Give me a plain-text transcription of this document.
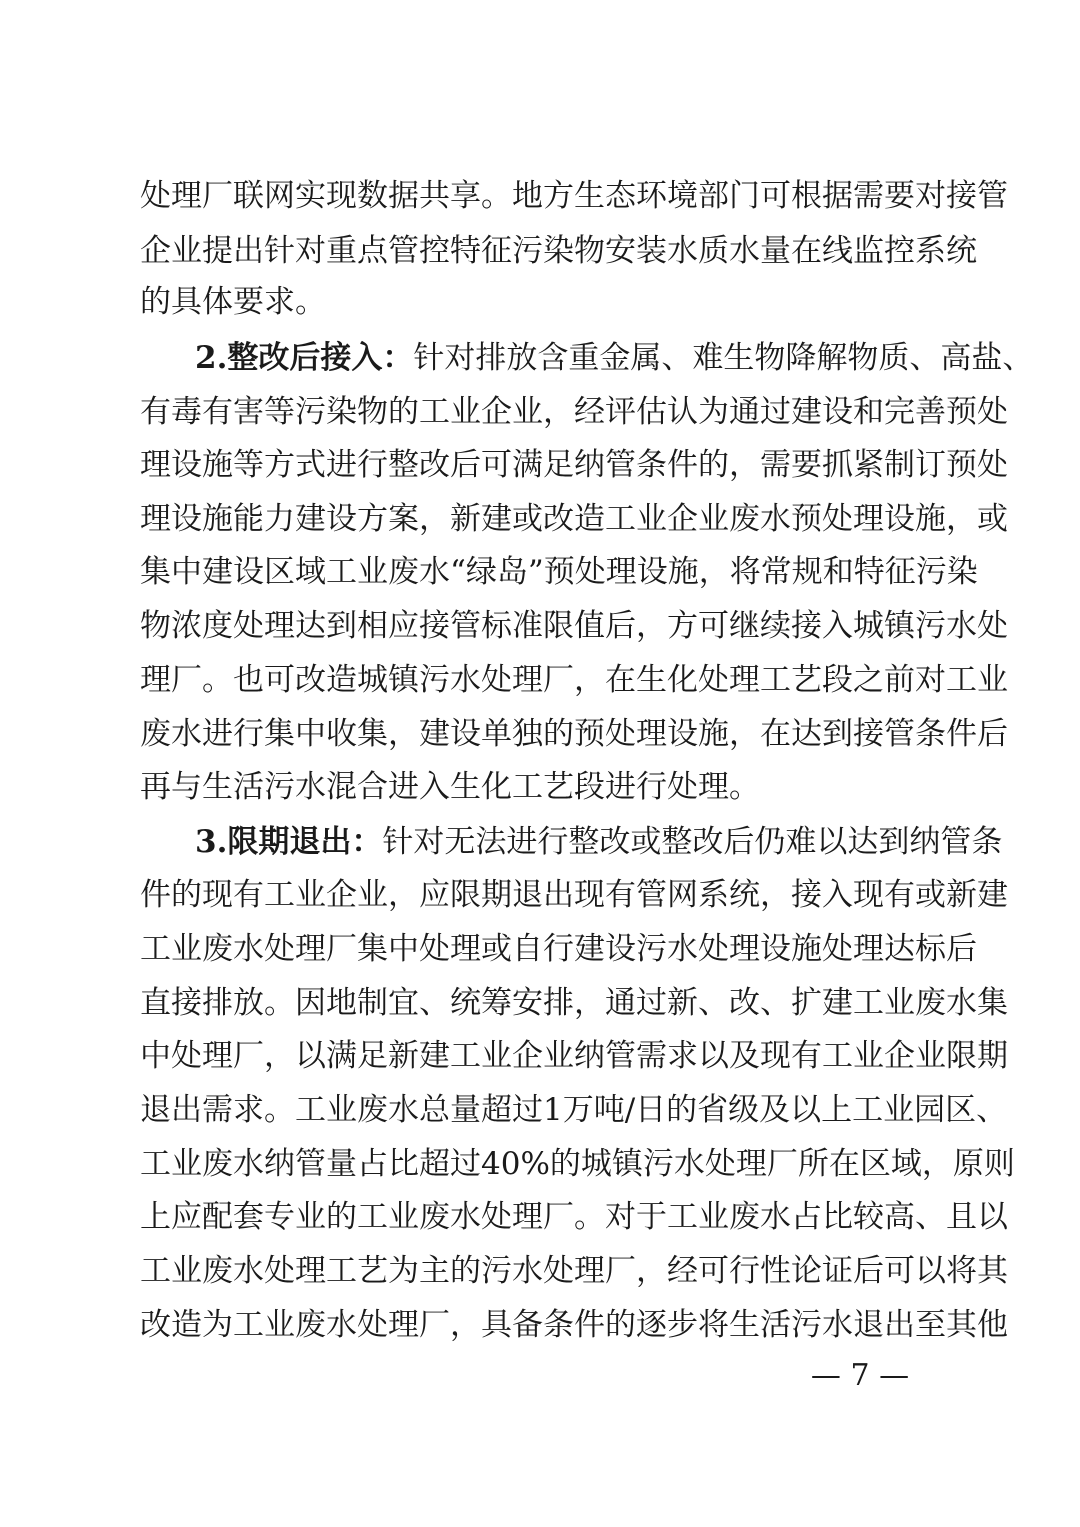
处理厂联网实现数据共享。地方生态环境部门可根据需要对接管
企业提出针对重点管控特征污染物安装水质水量在线监控系统
的具体要求。
2.整改后接入：针对排放含重金属、难生物降解物质、高盐、
有毒有害等污染物的工业企业，经评估认为通过建设和完善预处
理设施等方式进行整改后可满足纳管条件的，需要抓紧制订预处
理设施能力建设方案，新建或改造工业企业废水预处理设施，或
集中建设区域工业废水“绿岛”预处理设施，将常规和特征污染
物浓度处理达到相应接管标准限值后，方可继续接入城镇污水处
理厂。也可改造城镇污水处理厂，在生化处理工艺段之前对工业
废水进行集中收集，建设单独的预处理设施，在达到接管条件后
再与生活污水混合进入生化工艺段进行处理。
3.限期退出：针对无法进行整改或整改后仍难以达到纳管条
件的现有工业企业，应限期退出现有管网系统，接入现有或新建
工业废水处理厂集中处理或自行建设污水处理设施处理达标后
直接排放。因地制宜、统筹安排，通过新、改、扩建工业废水集
中处理厂，以满足新建工业企业纳管需求以及现有工业企业限期
退出需求。工业废水总量超过1万吨/日的省级及以上工业园区、
工业废水纳管量占比超过40%的城镇污水处理厂所在区域，原则
上应配套专业的工业废水处理厂。对于工业废水占比较高、且以
工业废水处理工艺为主的污水处理厂，经可行性论证后可以将其
改造为工业废水处理厂，具备条件的逐步将生活污水退出至其他
— 7 —
